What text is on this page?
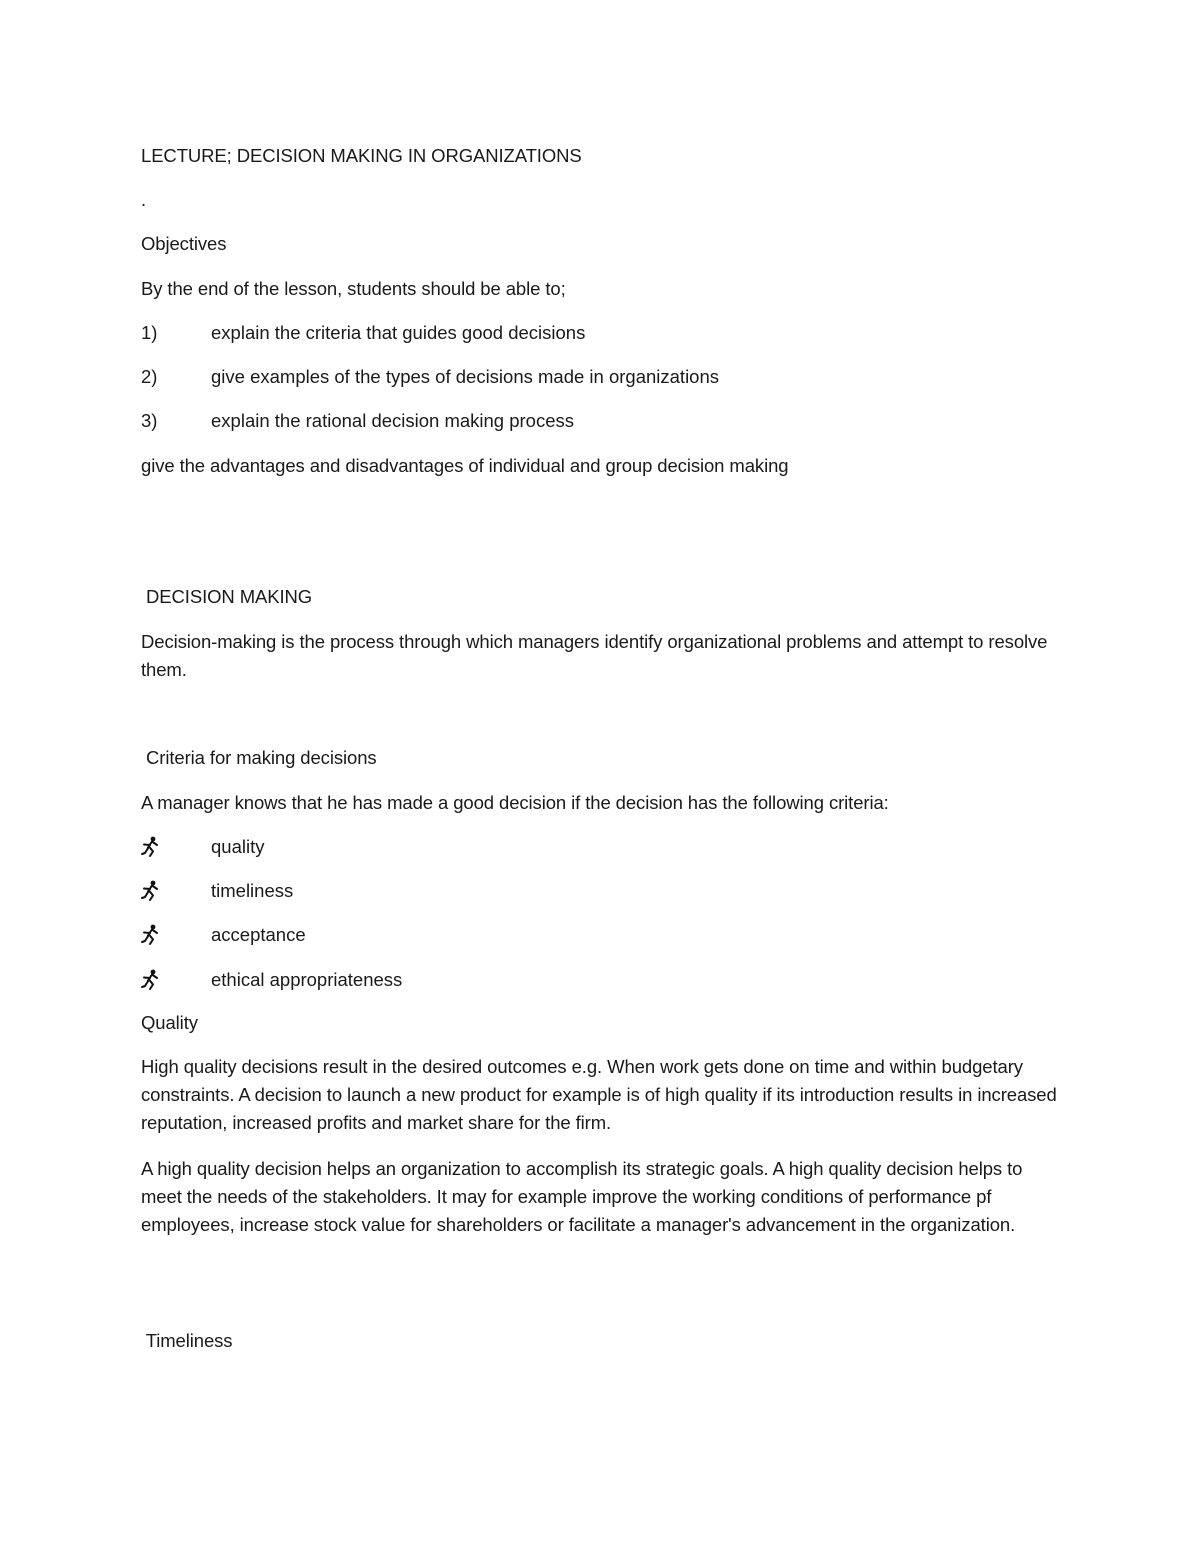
LECTURE; DECISION MAKING IN ORGANIZATIONS
.
Objectives
By the end of the lesson, students should be able to;
1)	explain the criteria that guides good decisions
2)	give examples of the types of decisions made in organizations
3)	explain the rational decision making process
give the advantages and disadvantages of individual and group decision making
DECISION MAKING
Decision-making is the process through which managers identify organizational problems and attempt to resolve them.
Criteria for making decisions
A manager knows that he has made a good decision if the decision has the following criteria:
quality
timeliness
acceptance
ethical appropriateness
Quality
High quality decisions result in the desired outcomes e.g. When work gets done on time and within budgetary constraints. A decision to launch a new product for example is of high quality if its introduction results in increased reputation, increased profits and market share for the firm.
A high quality decision helps an organization to accomplish its strategic goals. A high quality decision helps to meet the needs of the stakeholders. It may for example improve the working conditions of performance pf employees, increase stock value for shareholders or facilitate a manager's advancement in the organization.
Timeliness
